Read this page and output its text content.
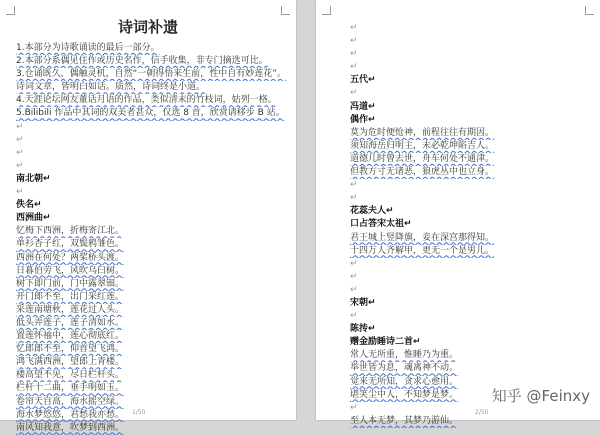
诗词补遗
1/50
1.本部分为诗歌诵读的最后一部分。
2.本部分系偶见住作或历史名作，信手收集，非专门摘选可比。
3.仓诵既久，偶触灵机，自然“一朝得悟来生前，性中自有妙莲花”。
诗词文章，皆明白如话。质然，诗词终是小道。
4.天涯论坛网友董话月语的作品，类似清末的竹枝词，姑列一格。
5.Bilibili 作品中其词的双美者甚众，仅选 8 首，欣赏请移步 B 站。
↵
↵
↵
↵
南北朝↵
↵
佚名↵
西洲曲↵
忆梅下西洲，折梅寄江北。
单衫杏子红，双鬓鸦雏色。
西洲在何处？两桨桥头渡。
日暮伯劳飞，风吹乌臼树。
树下即门前，门中露翠钿。
开门郎不至，出门采红莲。
采莲南塘秋，莲花过人头。
低头弄莲子，莲子清如水。
置莲怀袖中，莲心彻底红。
忆郎郎不至，仰首望飞鸿。
鸿飞满西洲，望郎上青楼。
楼高望不见，尽日栏杆头。
栏杆十二曲，垂手明如玉。
卷帘天自高，海水摇空绿。
海水梦悠悠，君愁我亦愁。
南风知我意，吹梦到西洲。
↵
↵
↵
↵
五代↵
↵
冯道↵
偶作↵
莫为危时便怆神，前程往往有期因。
须知海岳归明主，未必乾坤陷吉人。
道德几时曾去世，舟车何处不通津。
但教方寸无诸恶，狼虎丛中也立身。
↵
↵
花蕊夫人↵
口占答宋太祖↵
君王城上竖降旗，妾在深宫那得知。
十四万人齐解甲，更无一个是男儿。
↵
↵
↵
宋朝↵
↵
陈抟↵
赠金励睡诗二首↵
常人无所重，惟睡乃为重。
举世皆为息，魂离神不动。
觉来无所知，贪求心愈用。
堪笑尘中人，不知梦是梦。
↵
至人本无梦，其梦乃游仙。
2/50
知乎 @Feinxy
